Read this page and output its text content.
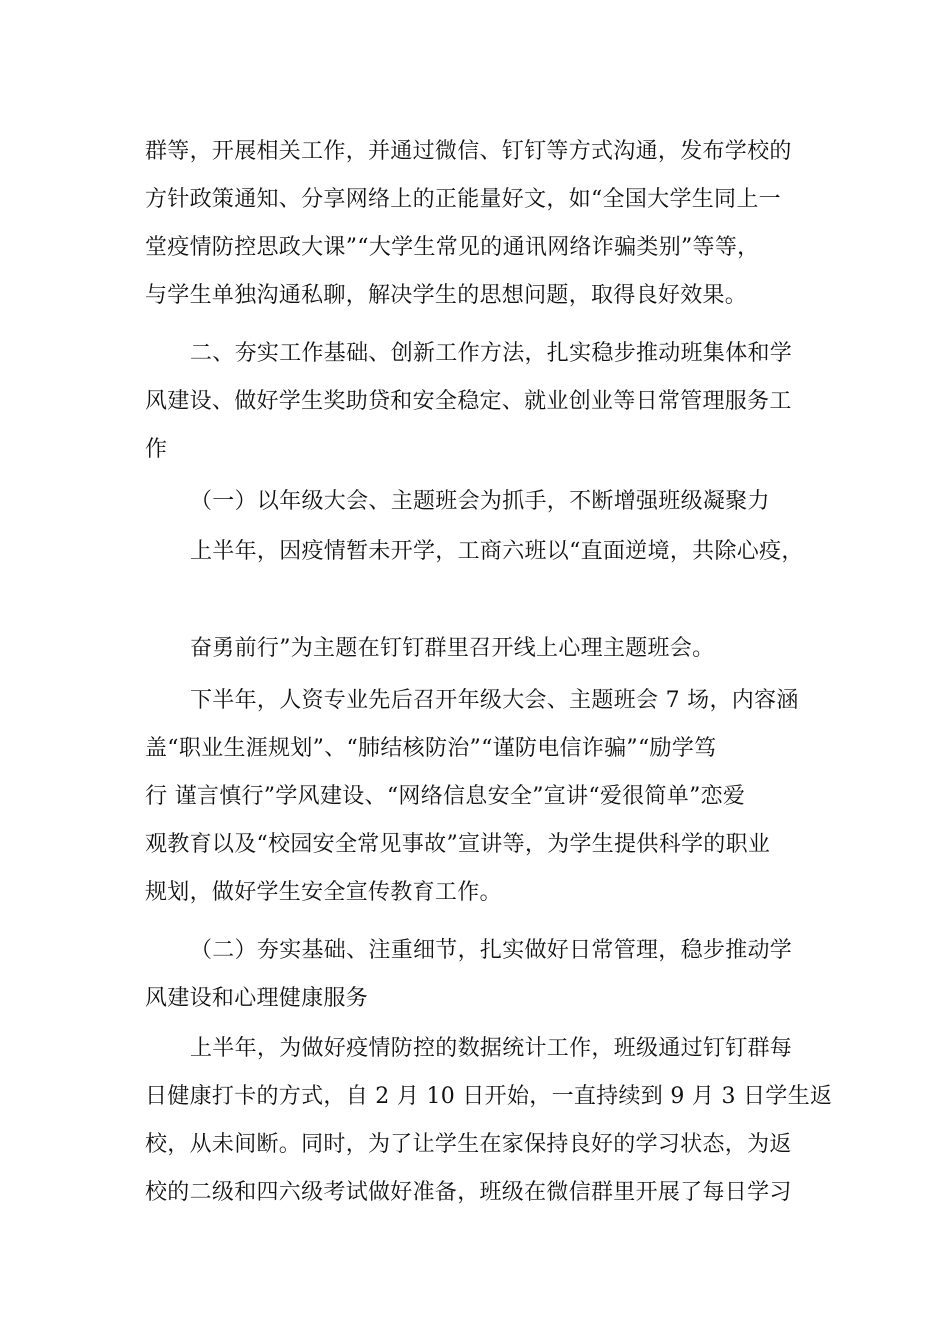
群等，开展相关工作，并通过微信、钉钉等方式沟通，发布学校的
方针政策通知、分享网络上的正能量好文，如“全国大学生同上一
堂疫情防控思政大课”“大学生常见的通讯网络诈骗类别”等等，
与学生单独沟通私聊，解决学生的思想问题，取得良好效果。
二、夯实工作基础、创新工作方法，扎实稳步推动班集体和学
风建设、做好学生奖助贷和安全稳定、就业创业等日常管理服务工
作
（一）以年级大会、主题班会为抓手，不断增强班级凝聚力
上半年，因疫情暂未开学，工商六班以“直面逆境，共除心疫，
奋勇前行”为主题在钉钉群里召开线上心理主题班会。
下半年，人资专业先后召开年级大会、主题班会 7 场，内容涵
盖“职业生涯规划”、“肺结核防治”“谨防电信诈骗”“励学笃
行 谨言慎行”学风建设、“网络信息安全”宣讲“爱很简单”恋爱
观教育以及“校园安全常见事故”宣讲等，为学生提供科学的职业
规划，做好学生安全宣传教育工作。
（二）夯实基础、注重细节，扎实做好日常管理，稳步推动学
风建设和心理健康服务
上半年，为做好疫情防控的数据统计工作，班级通过钉钉群每
日健康打卡的方式，自 2 月 10 日开始，一直持续到 9 月 3 日学生返
校，从未间断。同时，为了让学生在家保持良好的学习状态，为返
校的二级和四六级考试做好准备，班级在微信群里开展了每日学习
